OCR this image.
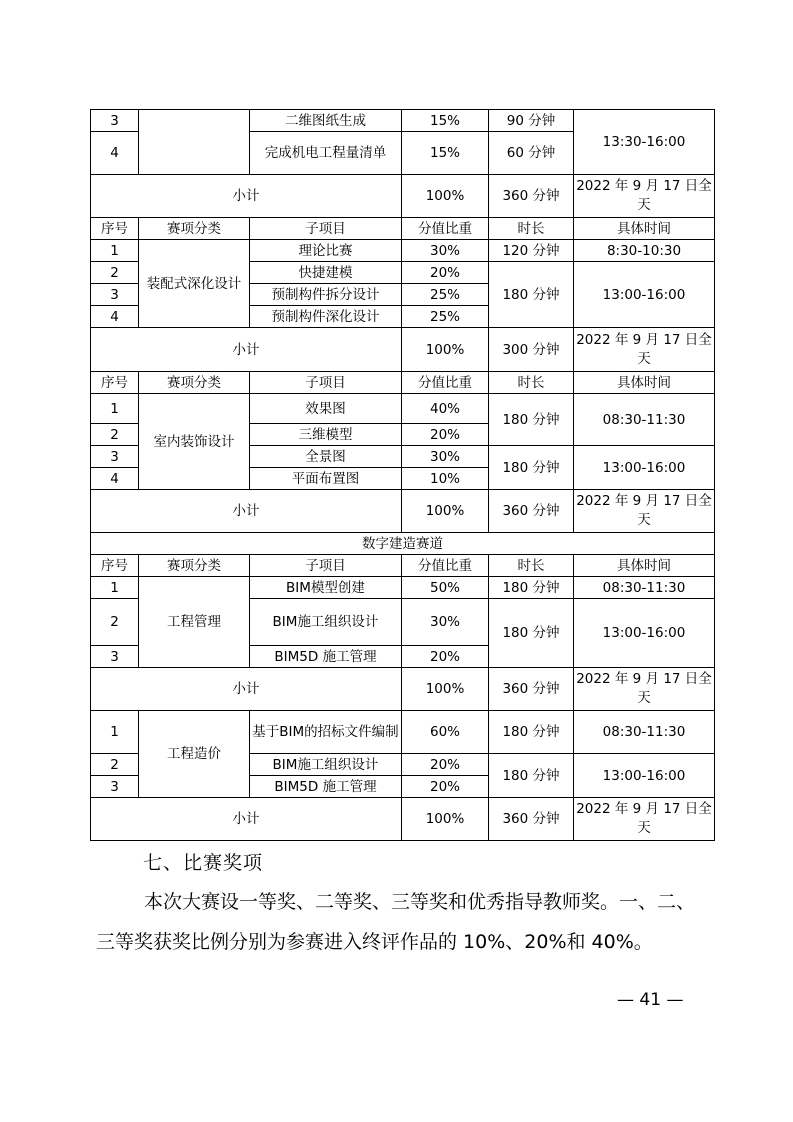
3		二维图纸生成	15%	90 分钟	13:30-16:00
4		完成机电工程量清单	15%	60 分钟	
小计			100%	360 分钟	2022 年 9 月 17 日全天
序号	赛项分类	子项目	分值比重	时长	具体时间
1	装配式深化设计	理论比赛	30%	120 分钟	8:30-10:30
2		快捷建模	20%	180 分钟	13:00-16:00
3		预制构件拆分设计	25%		
4		预制构件深化设计	25%		
小计			100%	300 分钟	2022 年 9 月 17 日全天
序号	赛项分类	子项目	分值比重	时长	具体时间
1	室内装饰设计	效果图	40%	180 分钟	08:30-11:30
2		三维模型	20%		
3		全景图	30%	180 分钟	13:00-16:00
4		平面布置图	10%		
小计			100%	360 分钟	2022 年 9 月 17 日全天
数字建造赛道					
序号	赛项分类	子项目	分值比重	时长	具体时间
1	工程管理	BIM模型创建	50%	180 分钟	08:30-11:30
2		BIM施工组织设计	30%	180 分钟	13:00-16:00
3		BIM5D 施工管理	20%		
小计			100%	360 分钟	2022 年 9 月 17 日全天
1	工程造价	基于BIM的招标文件编制	60%	180 分钟	08:30-11:30
2		BIM施工组织设计	20%	180 分钟	13:00-16:00
3		BIM5D 施工管理	20%		
小计			100%	360 分钟	2022 年 9 月 17 日全天
七、比赛奖项
本次大赛设一等奖、二等奖、三等奖和优秀指导教师奖。一、二、三等奖获奖比例分别为参赛进入终评作品的 10%、20%和 40%。
— 41 —
